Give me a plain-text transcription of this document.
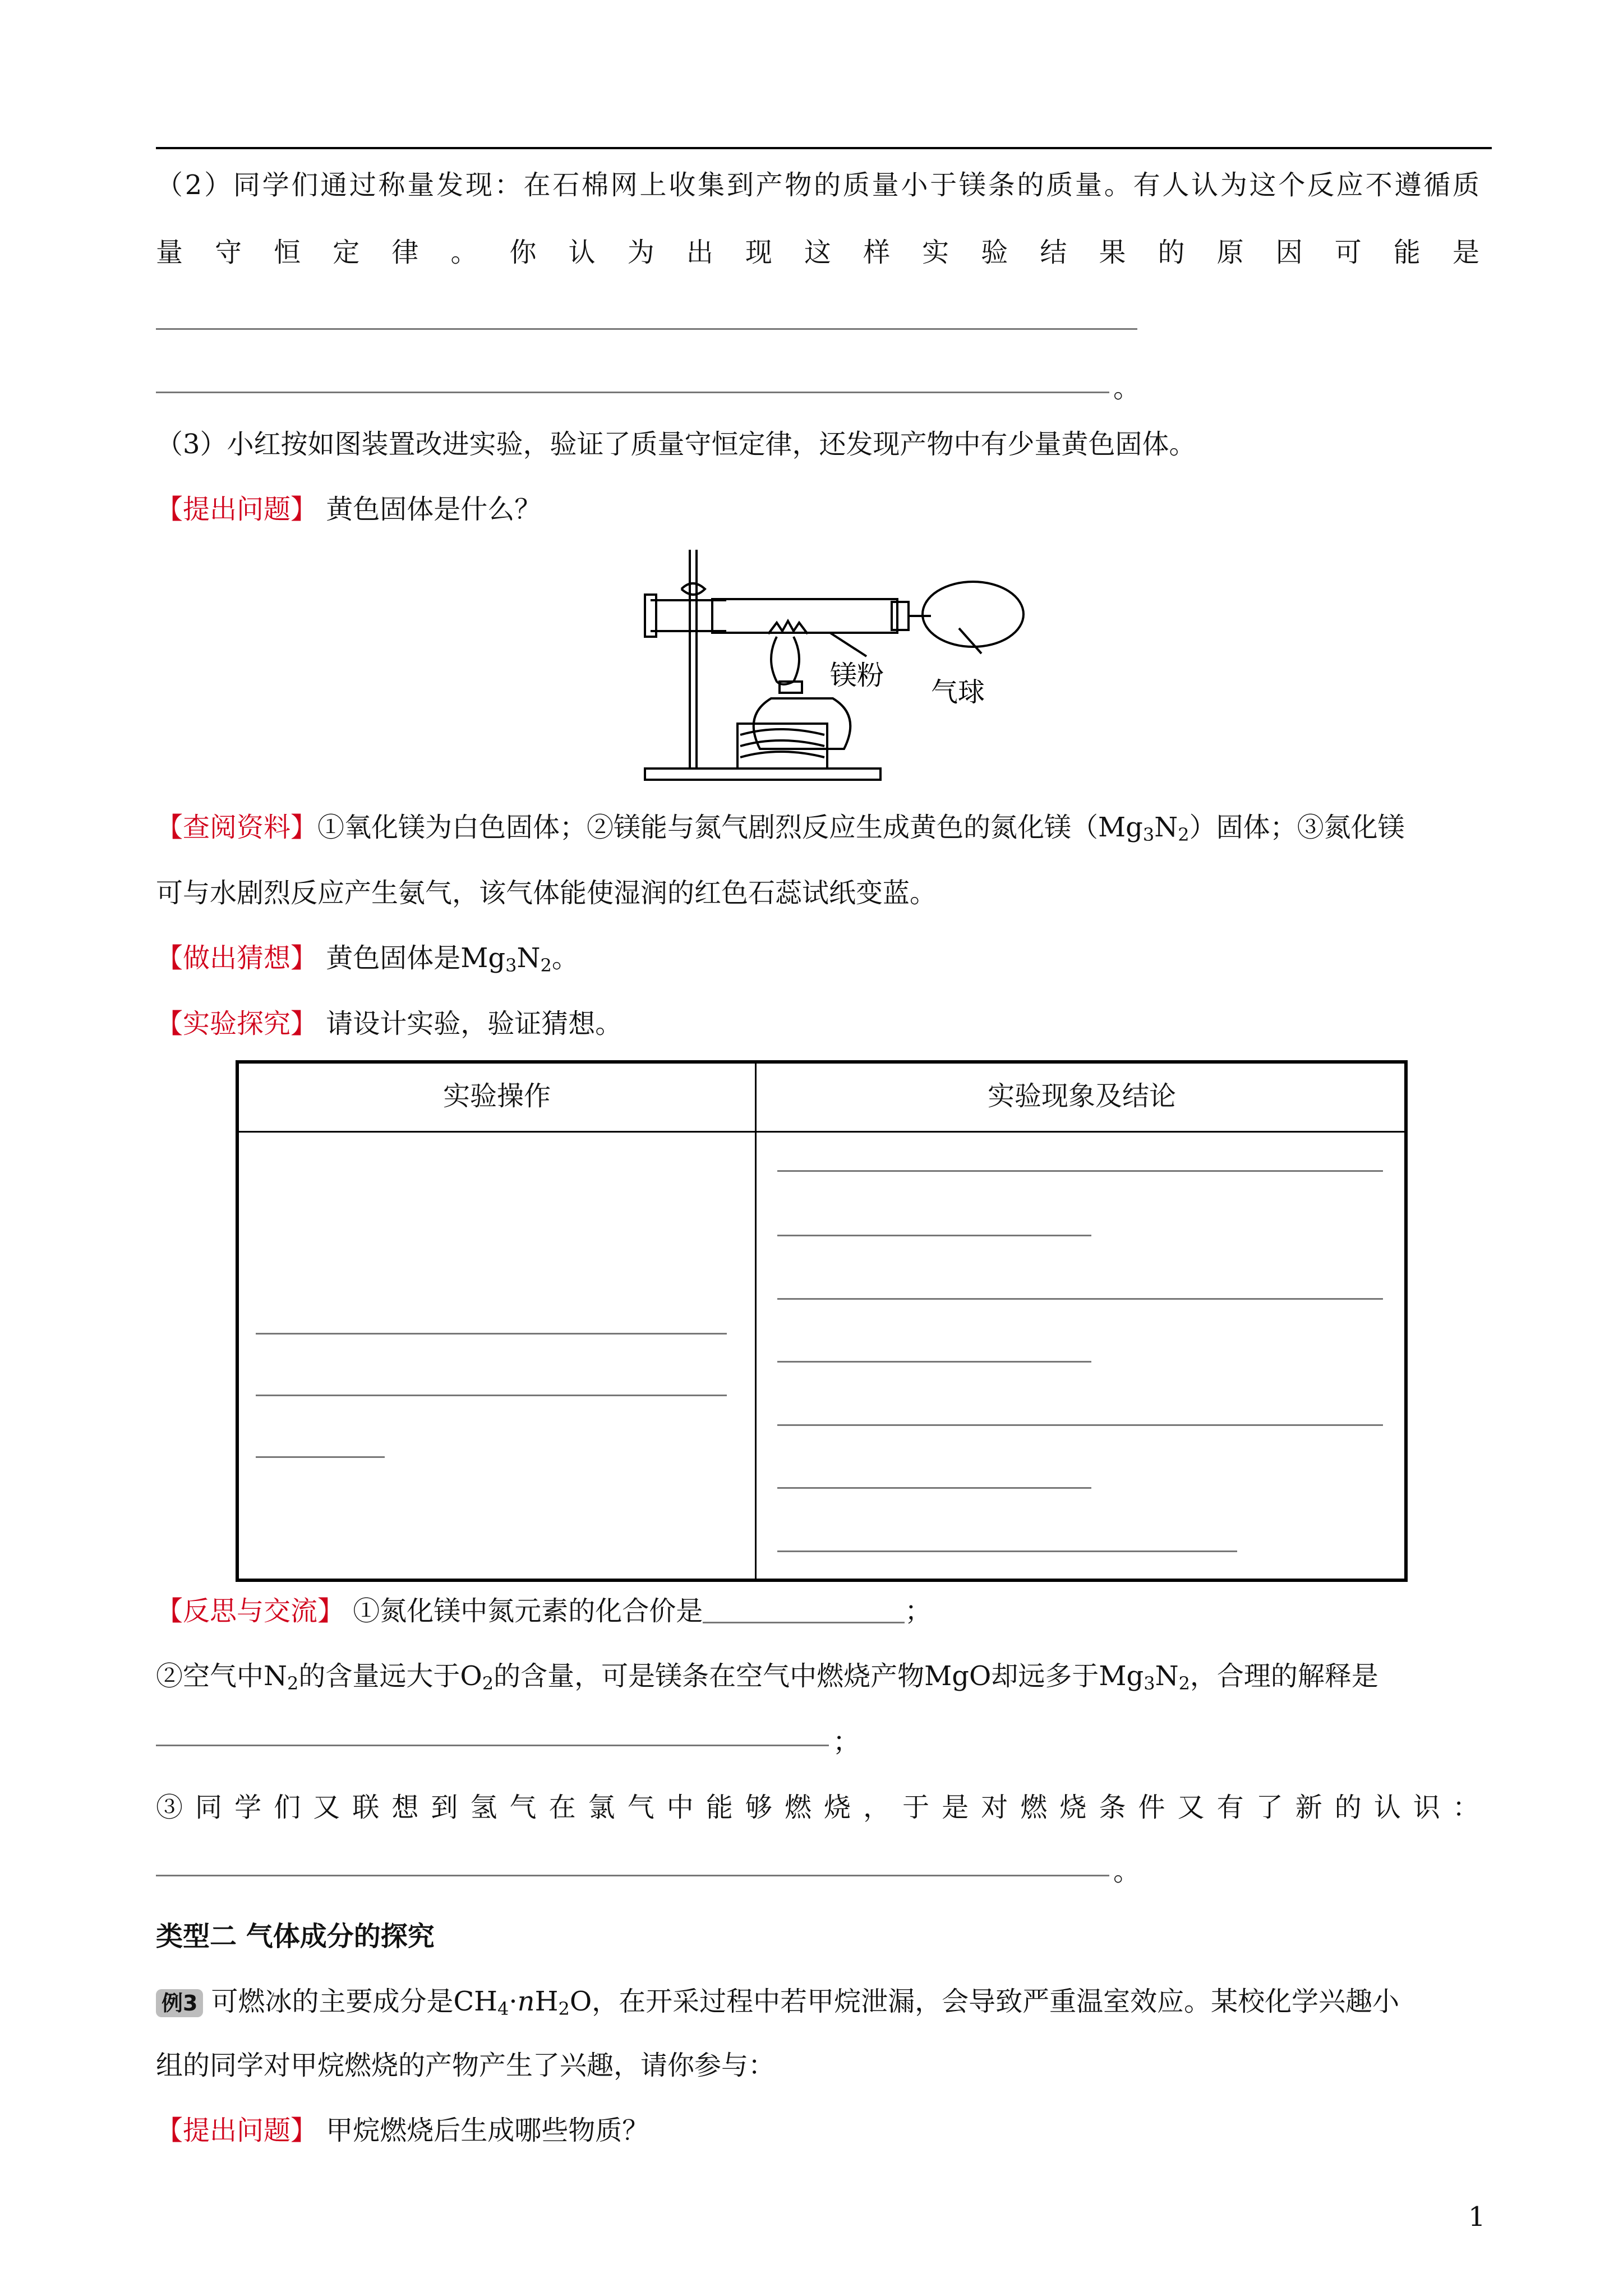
（2）同学们通过称量发现：在石棉网上收集到产物的质量小于镁条的质量。有人认为这个反应不遵循质
量守恒定律。你认为出现这样实验结果的原因可能是
。
（3）小红按如图装置改进实验，验证了质量守恒定律，还发现产物中有少量黄色固体。
【提出问题】 黄色固体是什么？
镁粉
气球
【查阅资料】①氧化镁为白色固体；②镁能与氮气剧烈反应生成黄色的氮化镁$(Mg_3N_2)$固体；③氮化镁
可与水剧烈反应产生氨气，该气体能使湿润的红色石蕊试纸变蓝。
【做出猜想】 黄色固体是$Mg_3N_2$。
【实验探究】 请设计实验，验证猜想。
实验操作	实验现象及结论
【反思与交流】 ①氮化镁中氮元素的化合价是	；
②空气中$N_2$的含量远大于$O_2$的含量，可是镁条在空气中燃烧产物MgO却远多于$Mg_3N_2$，合理的解释是
；
③同学们又联想到氢气在氯气中能够燃烧，于是对燃烧条件又有了新的认识：
。
类型二 气体成分的探究
例3 可燃冰的主要成分是$CH_4\cdot nH_2O$，在开采过程中若甲烷泄漏，会导致严重温室效应。某校化学兴趣小
组的同学对甲烷燃烧的产物产生了兴趣，请你参与：
【提出问题】 甲烷燃烧后生成哪些物质？
1
